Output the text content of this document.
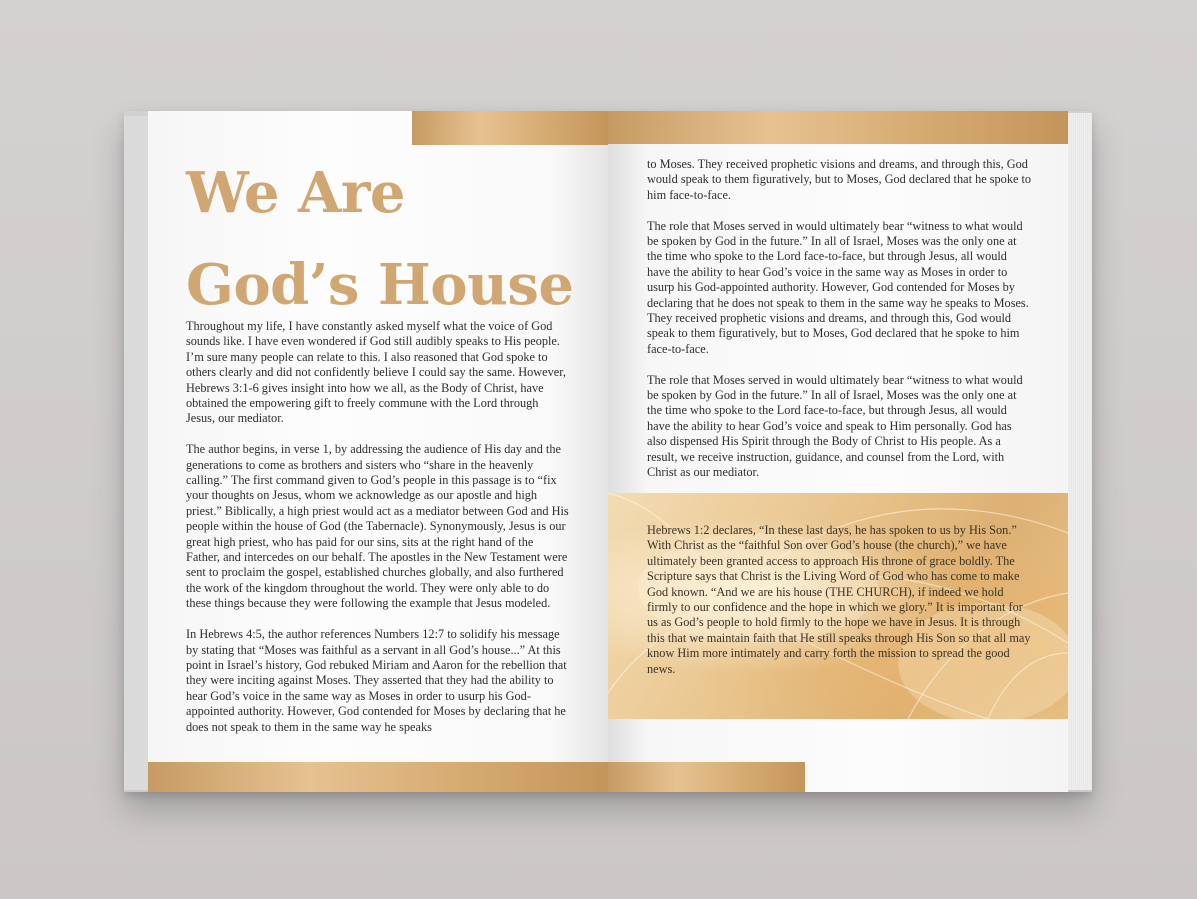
We Are
God’s House

Throughout my life, I have constantly asked myself what the voice of God sounds like. I have even wondered if God still audibly speaks to His people. I’m sure many people can relate to this. I also reasoned that God spoke to others clearly and did not confidently believe I could say the same. However, Hebrews 3:1-6 gives insight into how we all, as the Body of Christ, have obtained the empowering gift to freely commune with the Lord through Jesus, our mediator.

The author begins, in verse 1, by addressing the audience of His day and the generations to come as brothers and sisters who “share in the heavenly calling.” The first command given to God’s people in this passage is to “fix your thoughts on Jesus, whom we acknowledge as our apostle and high priest.” Biblically, a high priest would act as a mediator between God and His people within the house of God (the Tabernacle). Synonymously, Jesus is our great high priest, who has paid for our sins, sits at the right hand of the Father, and intercedes on our behalf. The apostles in the New Testament were sent to proclaim the gospel, established churches globally, and also furthered the work of the kingdom throughout the world. They were only able to do these things because they were following the example that Jesus modeled.

In Hebrews 4:5, the author references Numbers 12:7 to solidify his message by stating that “Moses was faithful as a servant in all God’s house...” At this point in Israel’s history, God rebuked Miriam and Aaron for the rebellion that they were inciting against Moses. They asserted that they had the ability to hear God’s voice in the same way as Moses in order to usurp his God-appointed authority. However, God contended for Moses by declaring that he does not speak to them in the same way he speaks

to Moses. They received prophetic visions and dreams, and through this, God would speak to them figuratively, but to Moses, God declared that he spoke to him face-to-face.

The role that Moses served in would ultimately bear “witness to what would be spoken by God in the future.” In all of Israel, Moses was the only one at the time who spoke to the Lord face-to-face, but through Jesus, all would have the ability to hear God’s voice in the same way as Moses in order to usurp his God-appointed authority. However, God contended for Moses by declaring that he does not speak to them in the same way he speaks to Moses. They received prophetic visions and dreams, and through this, God would speak to them figuratively, but to Moses, God declared that he spoke to him face-to-face.

The role that Moses served in would ultimately bear “witness to what would be spoken by God in the future.” In all of Israel, Moses was the only one at the time who spoke to the Lord face-to-face, but through Jesus, all would have the ability to hear God’s voice and speak to Him personally. God has also dispensed His Spirit through the Body of Christ to His people. As a result, we receive instruction, guidance, and counsel from the Lord, with Christ as our mediator.

Hebrews 1:2 declares, “In these last days, he has spoken to us by His Son.” With Christ as the “faithful Son over God’s house (the church),” we have ultimately been granted access to approach His throne of grace boldly. The Scripture says that Christ is the Living Word of God who has come to make God known. “And we are his house (THE CHURCH), if indeed we hold firmly to our confidence and the hope in which we glory.” It is important for us as God’s people to hold firmly to the hope we have in Jesus. It is through this that we maintain faith that He still speaks through His Son so that all may know Him more intimately and carry forth the mission to spread the good news.
